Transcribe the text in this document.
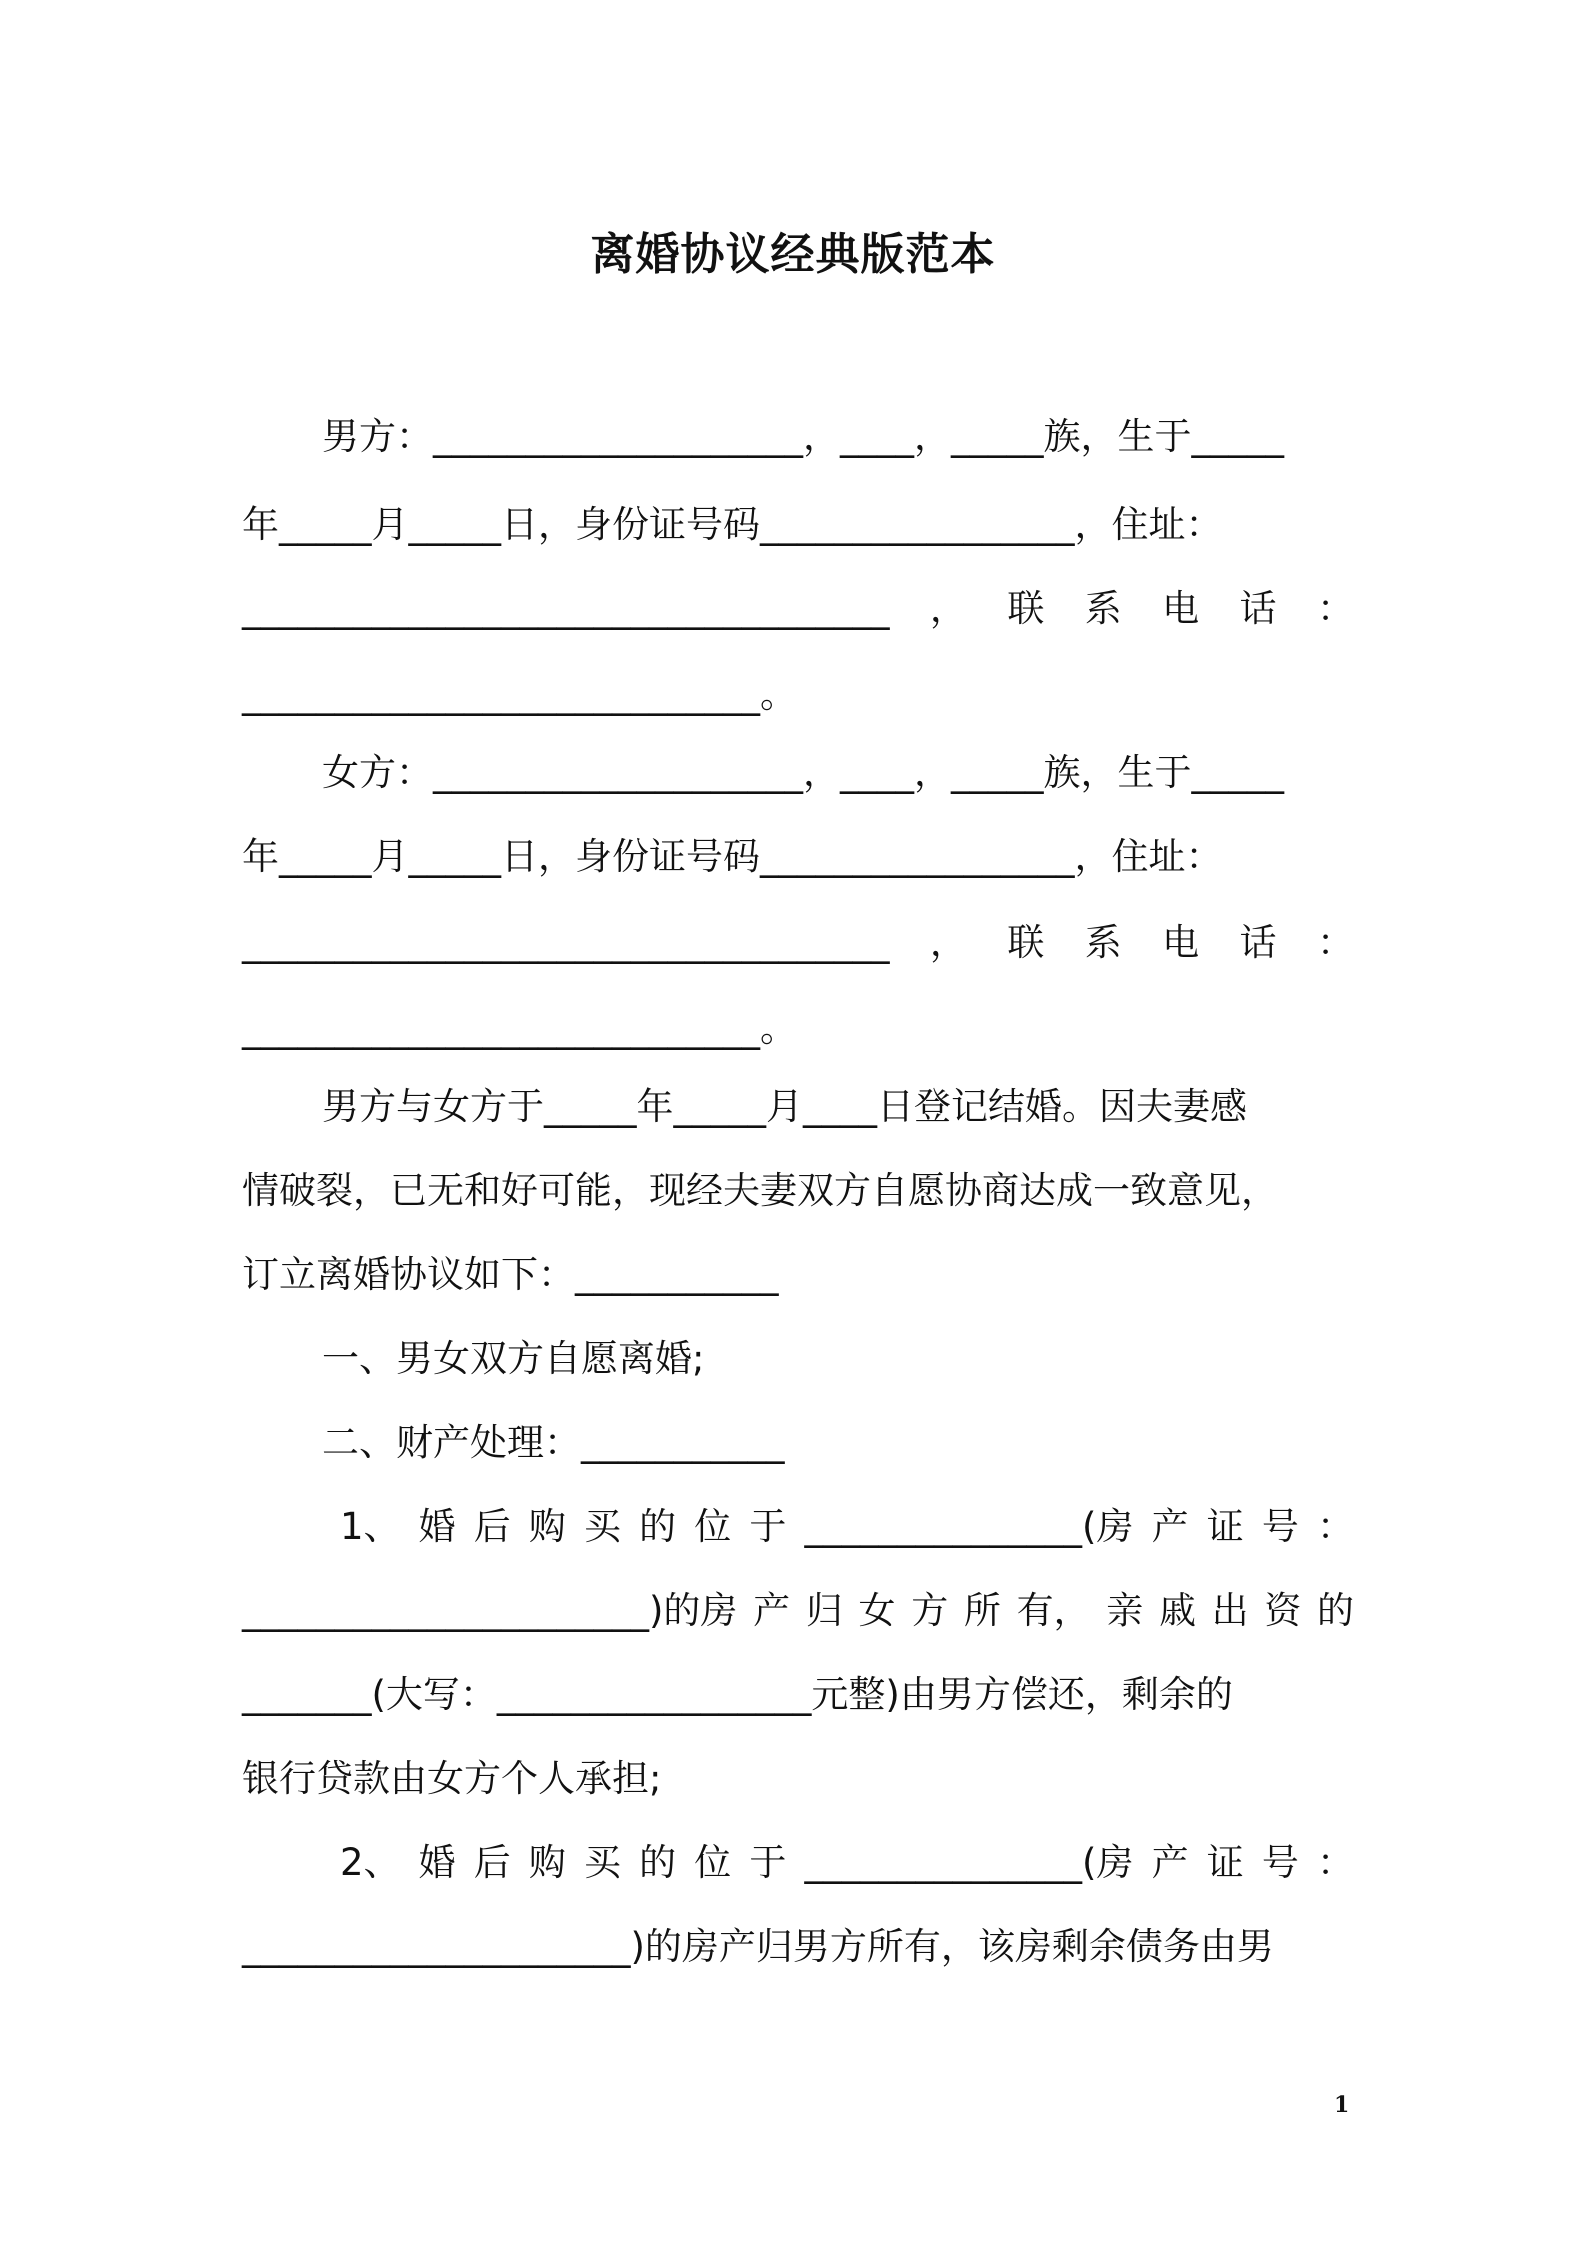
离婚协议经典版范本
男方：____________________，____，_____族，生于_____
年_____月_____日，身份证号码_________________，住址：
___________________________________ ， 联 系 电 话 ：
____________________________。
女方：____________________，____，_____族，生于_____
年_____月_____日，身份证号码_________________，住址：
___________________________________ ， 联 系 电 话 ：
____________________________。
男方与女方于_____年_____月____日登记结婚。因夫妻感
情破裂，已无和好可能，现经夫妻双方自愿协商达成一致意见，
订立离婚协议如下：___________
一、男女双方自愿离婚;
二、财产处理：___________
1、 婚 后 购 买 的 位 于 _______________(房 产 证 号 ：
______________________)的房 产 归 女 方 所 有， 亲 戚 出 资 的
_______(大写：_________________元整)由男方偿还，剩余的
银行贷款由女方个人承担;
2、 婚 后 购 买 的 位 于 _______________(房 产 证 号 ：
_____________________)的房产归男方所有，该房剩余债务由男
1
